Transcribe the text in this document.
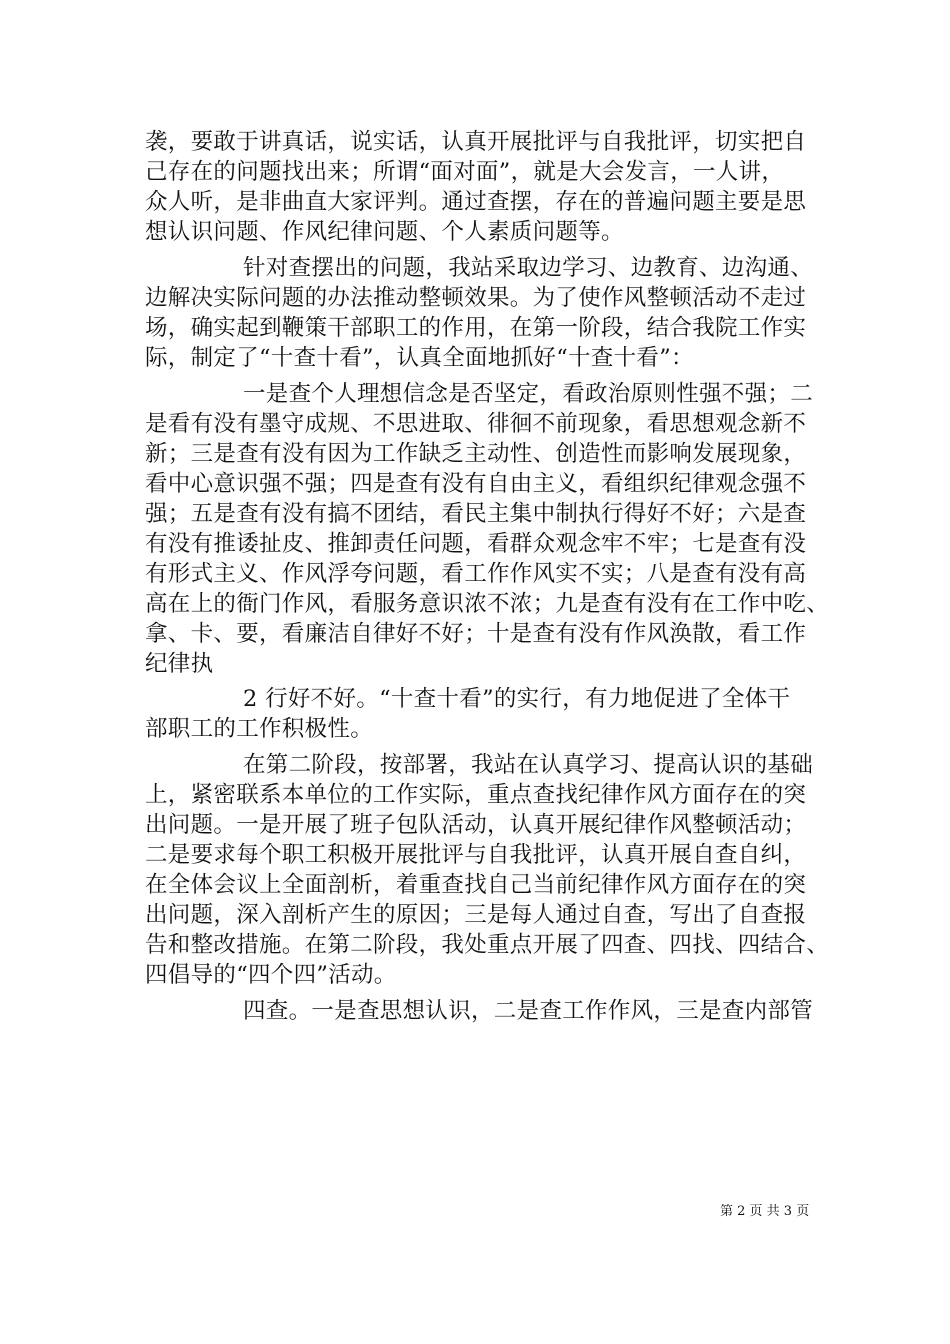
袭，要敢于讲真话，说实话，认真开展批评与自我批评，切实把自
己存在的问题找出来；所谓“面对面”，就是大会发言，一人讲，
众人听，是非曲直大家评判。通过查摆，存在的普遍问题主要是思
想认识问题、作风纪律问题、个人素质问题等。
针对查摆出的问题，我站采取边学习、边教育、边沟通、
边解决实际问题的办法推动整顿效果。为了使作风整顿活动不走过
场，确实起到鞭策干部职工的作用，在第一阶段，结合我院工作实
际，制定了“十查十看”，认真全面地抓好“十查十看”：
一是查个人理想信念是否坚定，看政治原则性强不强；二
是看有没有墨守成规、不思进取、徘徊不前现象，看思想观念新不
新；三是查有没有因为工作缺乏主动性、创造性而影响发展现象，
看中心意识强不强；四是查有没有自由主义，看组织纪律观念强不
强；五是查有没有搞不团结，看民主集中制执行得好不好；六是查
有没有推诿扯皮、推卸责任问题，看群众观念牢不牢；七是查有没
有形式主义、作风浮夸问题，看工作作风实不实；八是查有没有高
高在上的衙门作风，看服务意识浓不浓；九是查有没有在工作中吃、
拿、卡、要，看廉洁自律好不好；十是查有没有作风涣散，看工作
纪律执
2 行好不好。“十查十看”的实行，有力地促进了全体干
部职工的工作积极性。
在第二阶段，按部署，我站在认真学习、提高认识的基础
上，紧密联系本单位的工作实际，重点查找纪律作风方面存在的突
出问题。一是开展了班子包队活动，认真开展纪律作风整顿活动；
二是要求每个职工积极开展批评与自我批评，认真开展自查自纠，
在全体会议上全面剖析，着重查找自己当前纪律作风方面存在的突
出问题，深入剖析产生的原因；三是每人通过自查，写出了自查报
告和整改措施。在第二阶段，我处重点开展了四查、四找、四结合、
四倡导的“四个四”活动。
四查。一是查思想认识，二是查工作作风，三是查内部管
第 2 页 共 3 页
